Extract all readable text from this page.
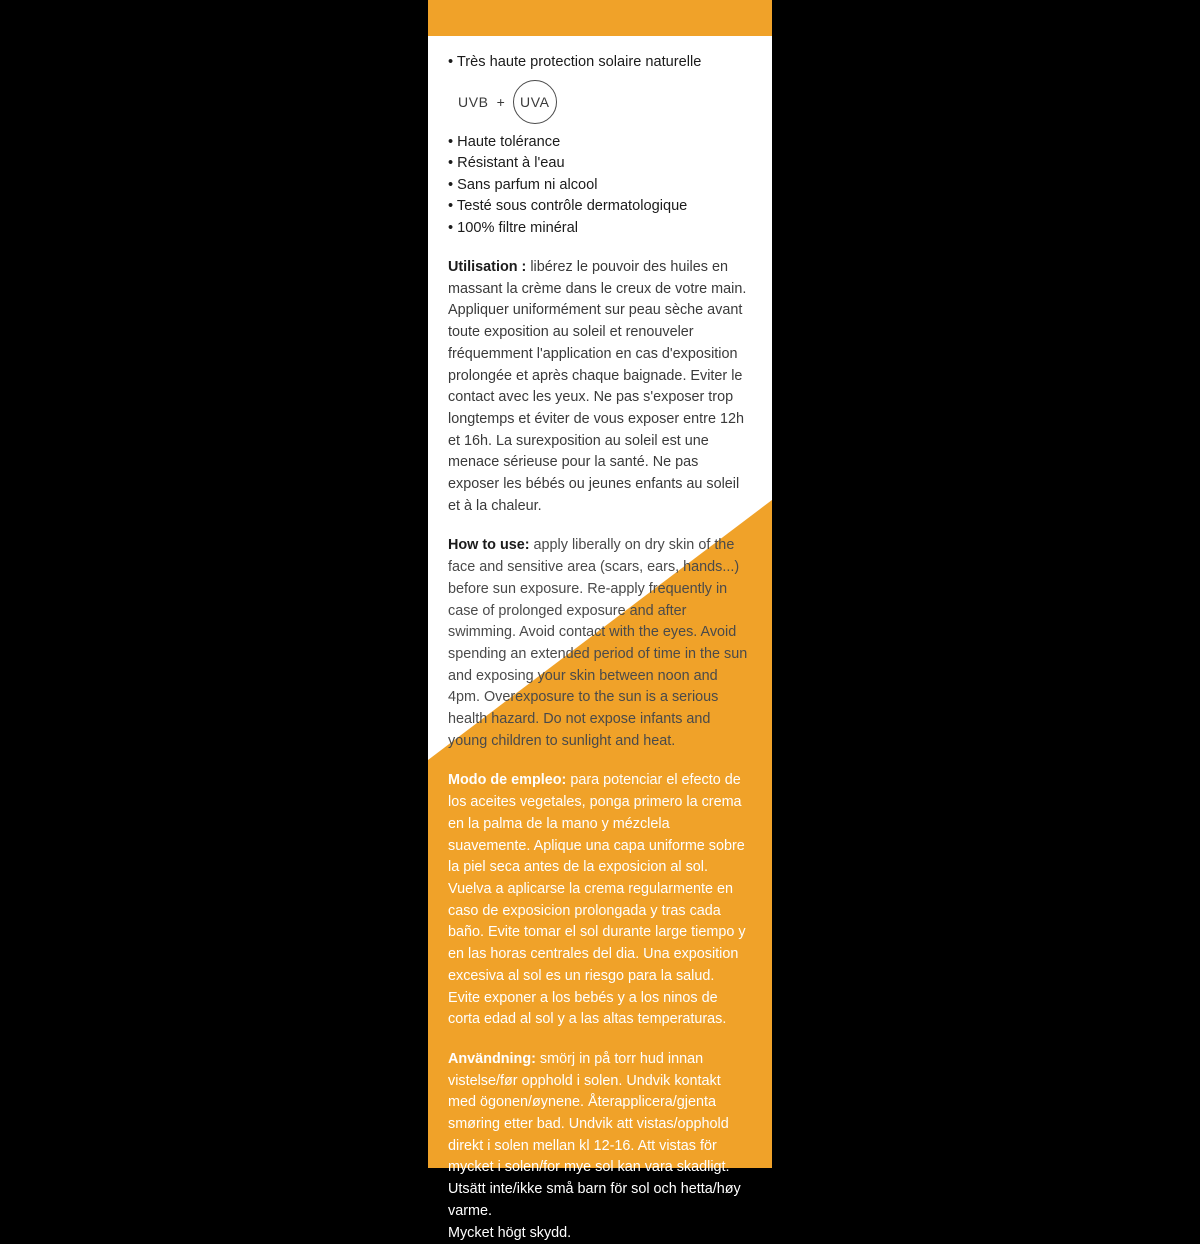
• Très haute protection solaire naturelle
UVB +	UVA
• Haute tolérance
• Résistant à l'eau
• Sans parfum ni alcool
• Testé sous contrôle dermatologique
• 100% filtre minéral

Utilisation : libérez le pouvoir des huiles en massant la crème dans le creux de votre main. Appliquer uniformément sur peau sèche avant toute exposition au soleil et renouveler fréquemment l'application en cas d'exposition prolongée et après chaque baignade. Eviter le contact avec les yeux. Ne pas s'exposer trop longtemps et éviter de vous exposer entre 12h et 16h. La surexposition au soleil est une menace sérieuse pour la santé. Ne pas exposer les bébés ou jeunes enfants au soleil et à la chaleur.

How to use: apply liberally on dry skin of the face and sensitive area (scars, ears, hands...) before sun exposure. Re-apply frequently in case of prolonged exposure and after swimming. Avoid contact with the eyes. Avoid spending an extended period of time in the sun and exposing your skin between noon and 4pm. Overexposure to the sun is a serious health hazard. Do not expose infants and young children to sunlight and heat.

Modo de empleo: para potenciar el efecto de los aceites vegetales, ponga primero la crema en la palma de la mano y mézclela suavemente. Aplique una capa uniforme sobre la piel seca antes de la exposicion al sol. Vuelva a aplicarse la crema regularmente en caso de exposicion prolongada y tras cada baño. Evite tomar el sol durante large tiempo y en las horas centrales del dia. Una exposition excesiva al sol es un riesgo para la salud. Evite exponer a los bebés y a los ninos de corta edad al sol y a las altas temperaturas.

Användning: smörj in på torr hud innan vistelse/før opphold i solen. Undvik kontakt med ögonen/øynene. Återapplicera/gjenta smøring etter bad. Undvik att vistas/opphold direkt i solen mellan kl 12-16. Att vistas för mycket i solen/for mye sol kan vara skadligt. Utsätt inte/ikke små barn för sol och hetta/høy varme.

Mycket högt skydd.
